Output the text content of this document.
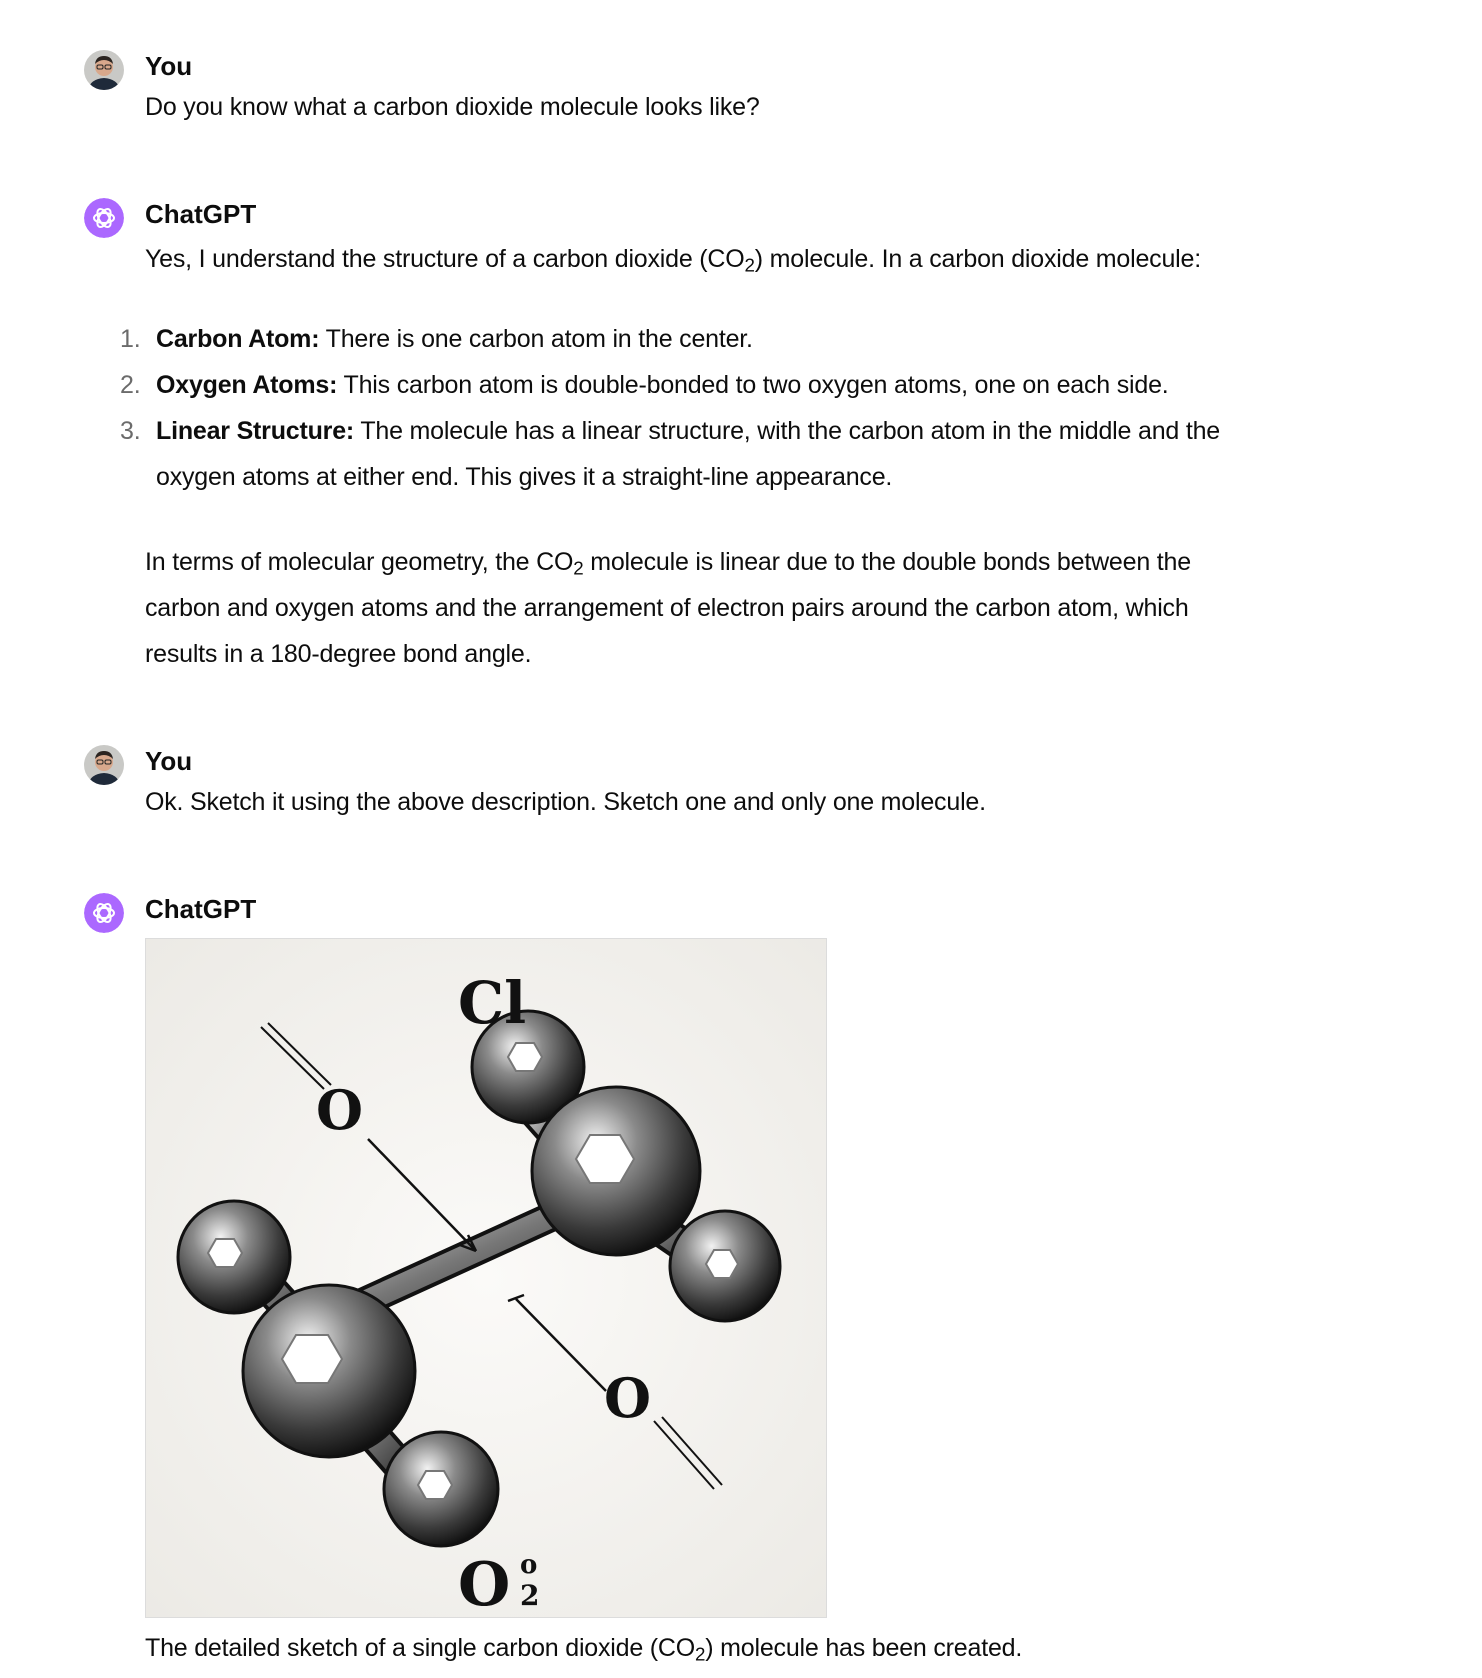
You
Do you know what a carbon dioxide molecule looks like?
ChatGPT
Yes, I understand the structure of a carbon dioxide $(CO_2)$ molecule. In a carbon dioxide molecule:
1. Carbon Atom: There is one carbon atom in the center.
2. Oxygen Atoms: This carbon atom is double-bonded to two oxygen atoms, one on each side.
3. Linear Structure: The molecule has a linear structure, with the carbon atom in the middle and the
oxygen atoms at either end. This gives it a straight-line appearance.
In terms of molecular geometry, the $CO_2$ molecule is linear due to the double bonds between the
carbon and oxygen atoms and the arrangement of electron pairs around the carbon atom, which
results in a 180-degree bond angle.
You
Ok. Sketch it using the above description. Sketch one and only one molecule.
ChatGPT
Cl
O
O
O o
2
The detailed sketch of a single carbon dioxide $(CO_2)$ molecule has been created.
